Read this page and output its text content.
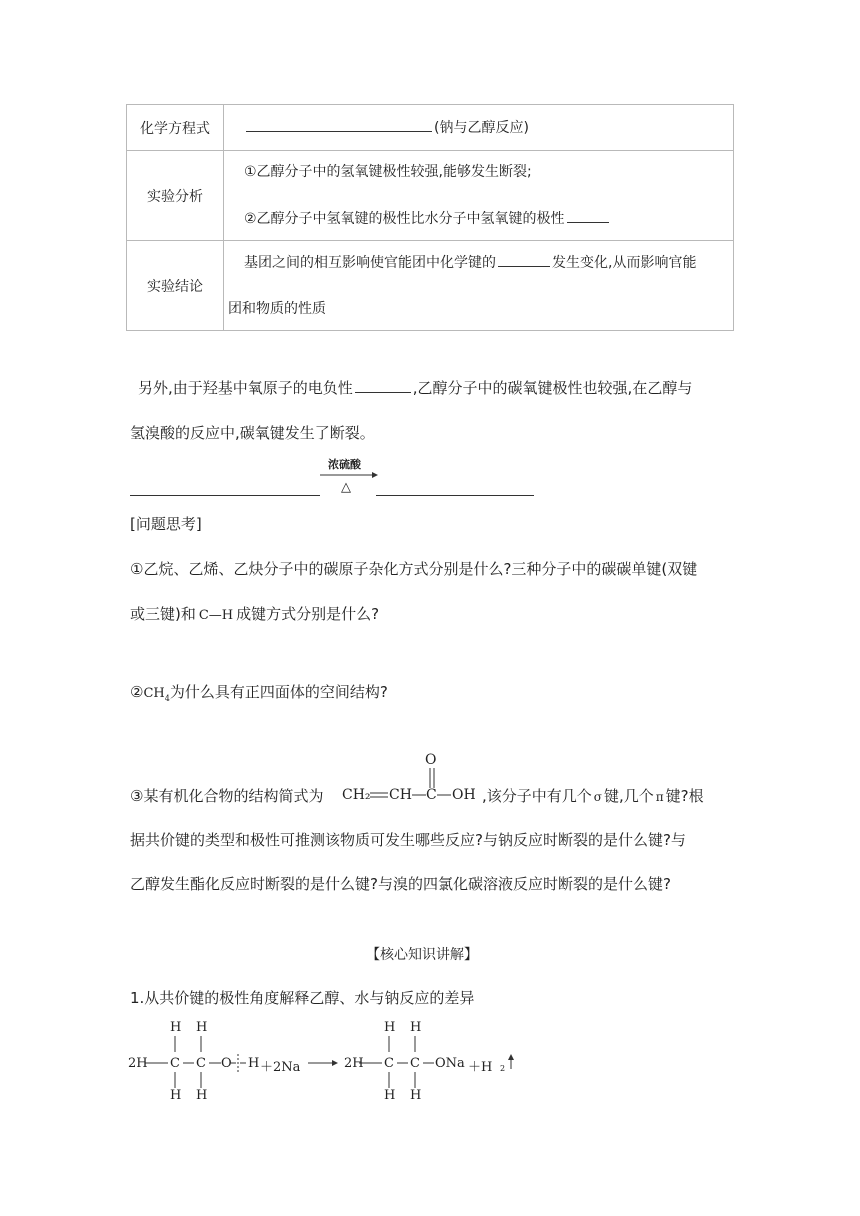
化学方程式	(钠与乙醇反应)
实验分析	①乙醇分子中的氢氧键极性较强,能够发生断裂;
②乙醇分子中氢氧键的极性比水分子中氢氧键的极性

实验结论	基团之间的相互影响使官能团中化学键的 发生变化,从而影响官能
团和物质的性质
另外,由于羟基中氧原子的电负性	,乙醇分子中的碳氧键极性也较强,在乙醇与
氢溴酸的反应中,碳氧键发生了断裂。
浓硫酸
△
[问题思考]
①乙烷、乙烯、乙炔分子中的碳原子杂化方式分别是什么?三种分子中的碳碳单键(双键
或三键)和 C—H 成键方式分别是什么?
$②CH_4$为什么具有正四面体的空间结构?
③某有机化合物的结构简式为
O
CH₂ CH C OH ,该分子中有几个 σ 键,几个 π 键?根
据共价键的类型和极性可推测该物质可发生哪些反应?与钠反应时断裂的是什么键?与
乙醇发生酯化反应时断裂的是什么键?与溴的四氯化碳溶液反应时断裂的是什么键?
【核心知识讲解】
1.从共价键的极性角度解释乙醇、水与钠反应的差异
H H
2H C C O H ＋2Na
H H
H H
2H C C ONa ＋H 2
H H
